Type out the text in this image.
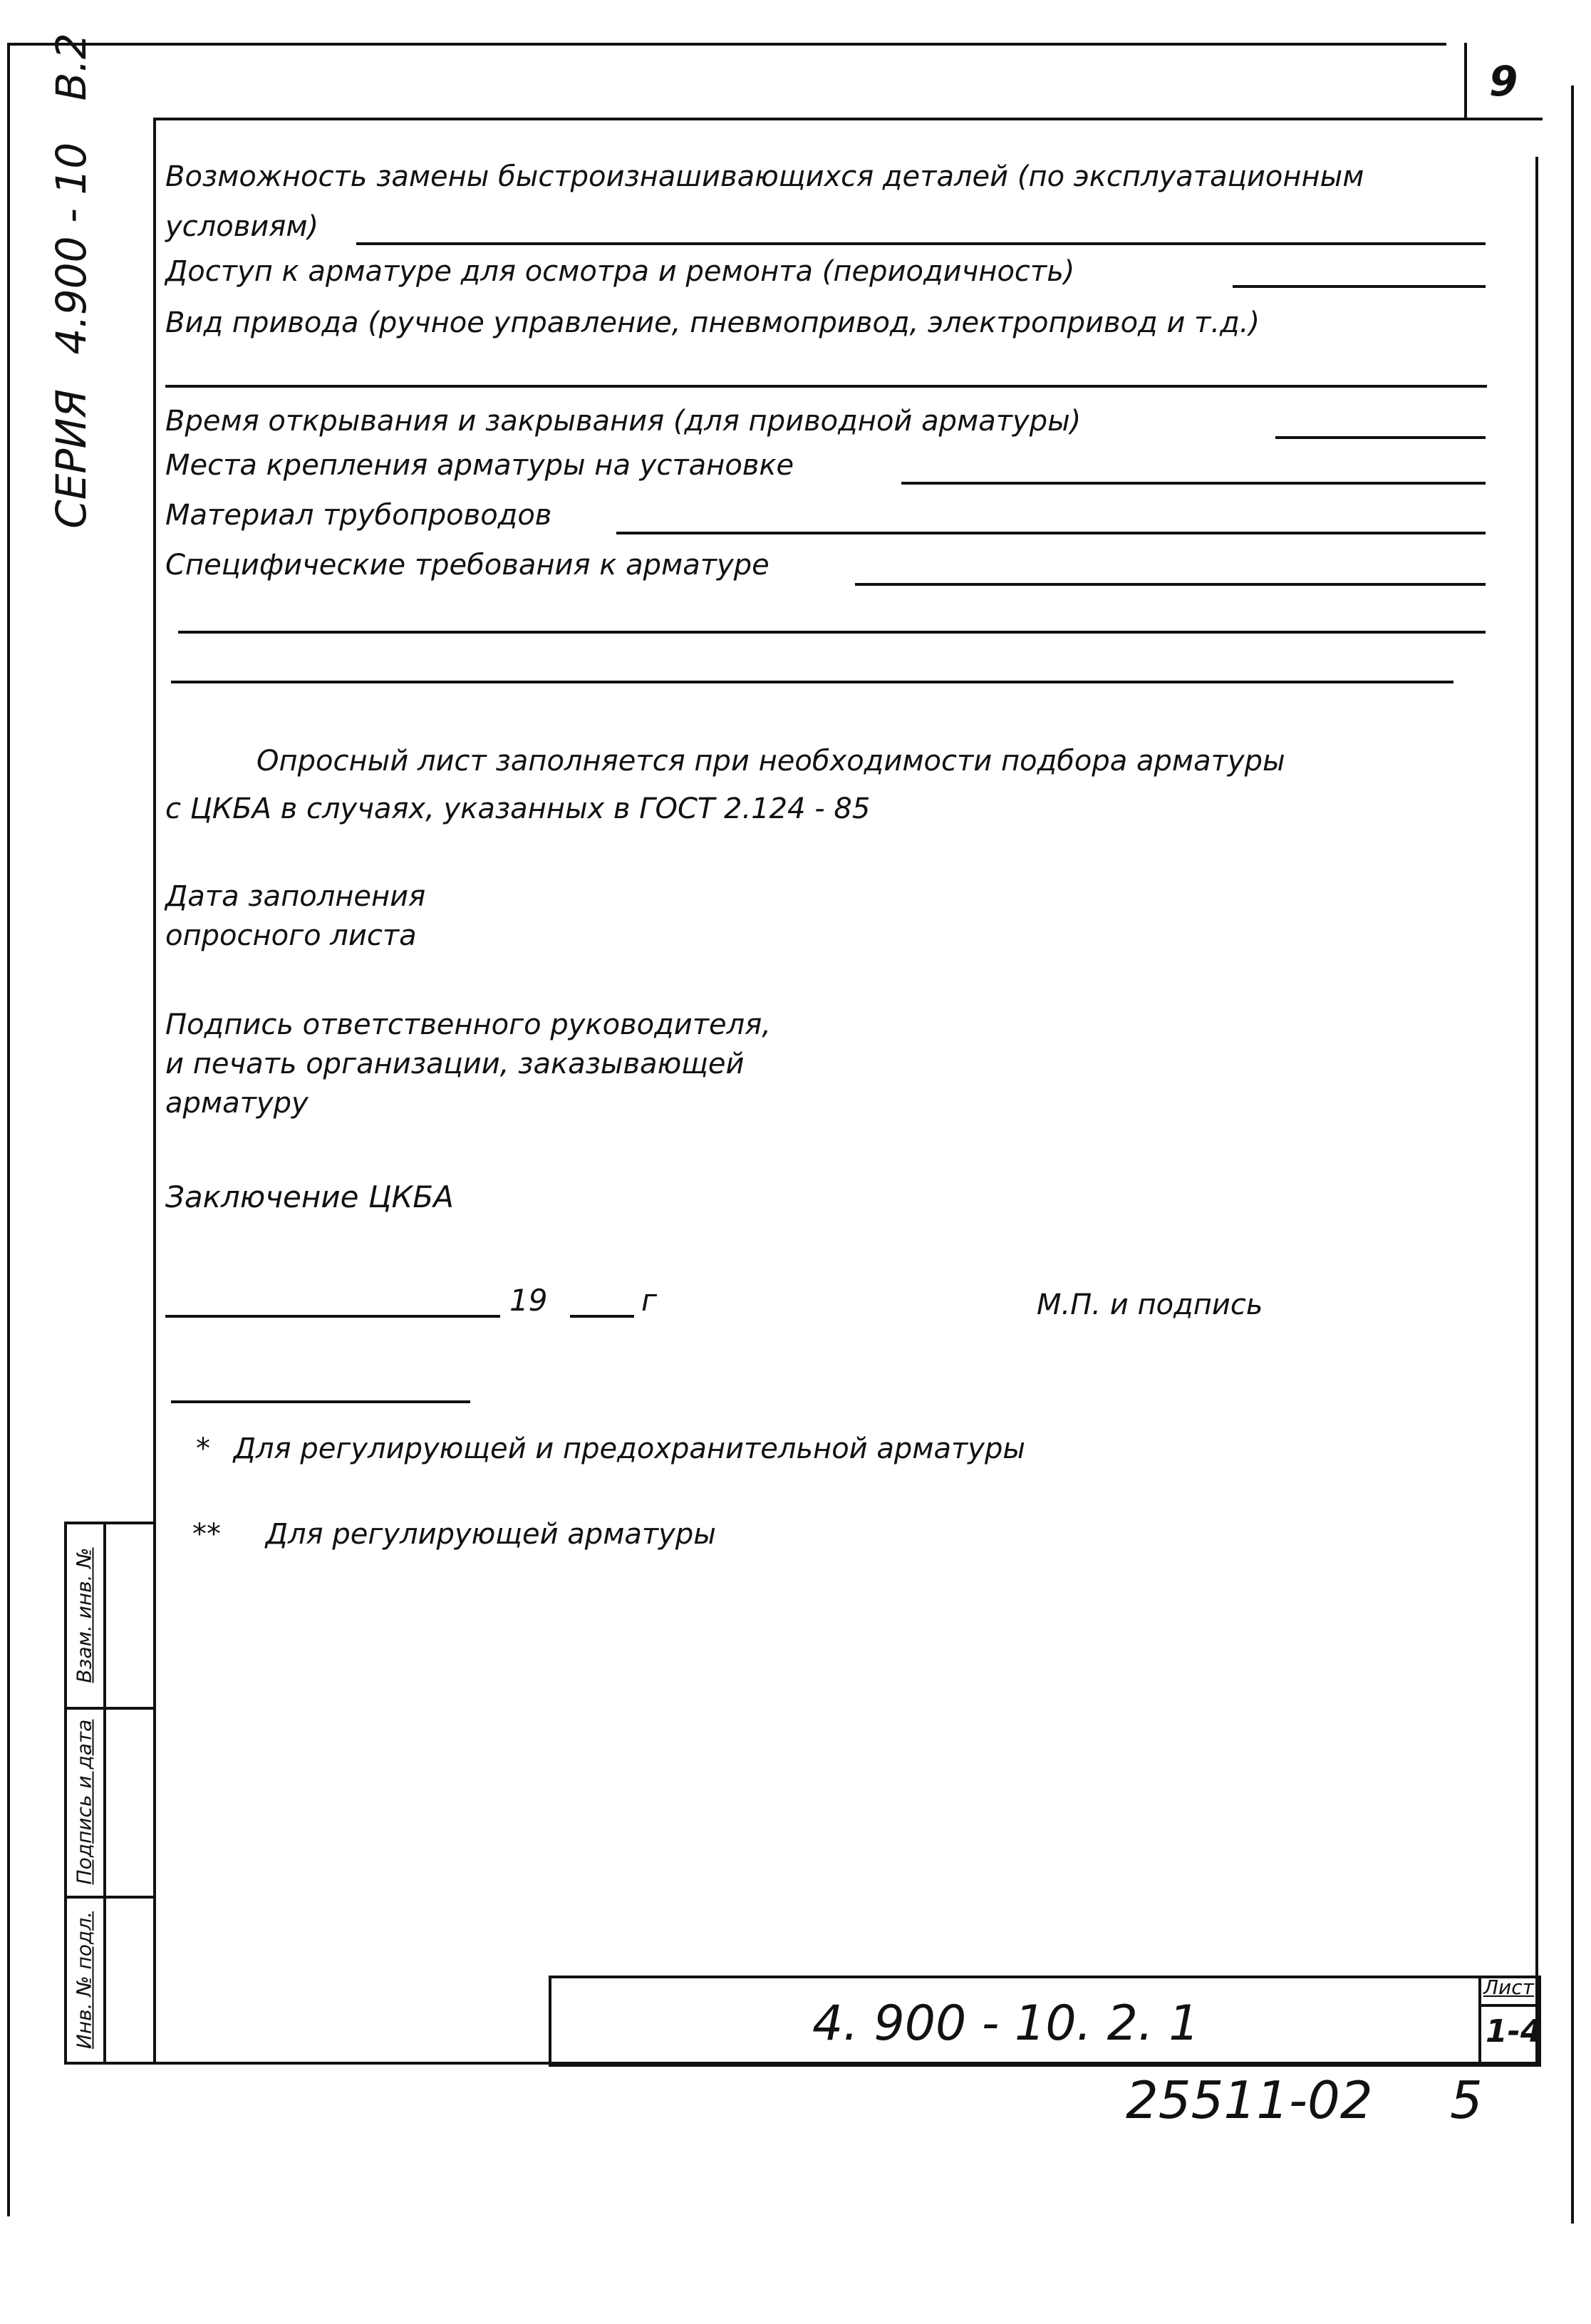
9
СЕРИЯ 4.900 - 10 В.2
Возможность замены быстроизнашивающихся деталей (по эксплуатационным
условиям)
Доступ к арматуре для осмотра и ремонта (периодичность)
Вид привода (ручное управление, пневмопривод, электропривод и т.д.)
Время открывания и закрывания (для приводной арматуры)
Места крепления арматуры на установке
Материал трубопроводов
Специфические требования к арматуре
Опросный лист заполняется при необходимости подбора арматуры
с ЦКБА в случаях, указанных в ГОСТ 2.124 - 85
Дата заполнения
опросного листа
Подпись ответственного руководителя,
и печать организации, заказывающей
арматуру
Заключение ЦКБА
19	г	М.П. и подпись
* Для регулирующей и предохранительной арматуры
** Для регулирующей арматуры
Взам. инв. №
Подпись и дата
Инв. № подл.	4. 900 - 10. 2. 1
Лист
1-4
25511-02 5
